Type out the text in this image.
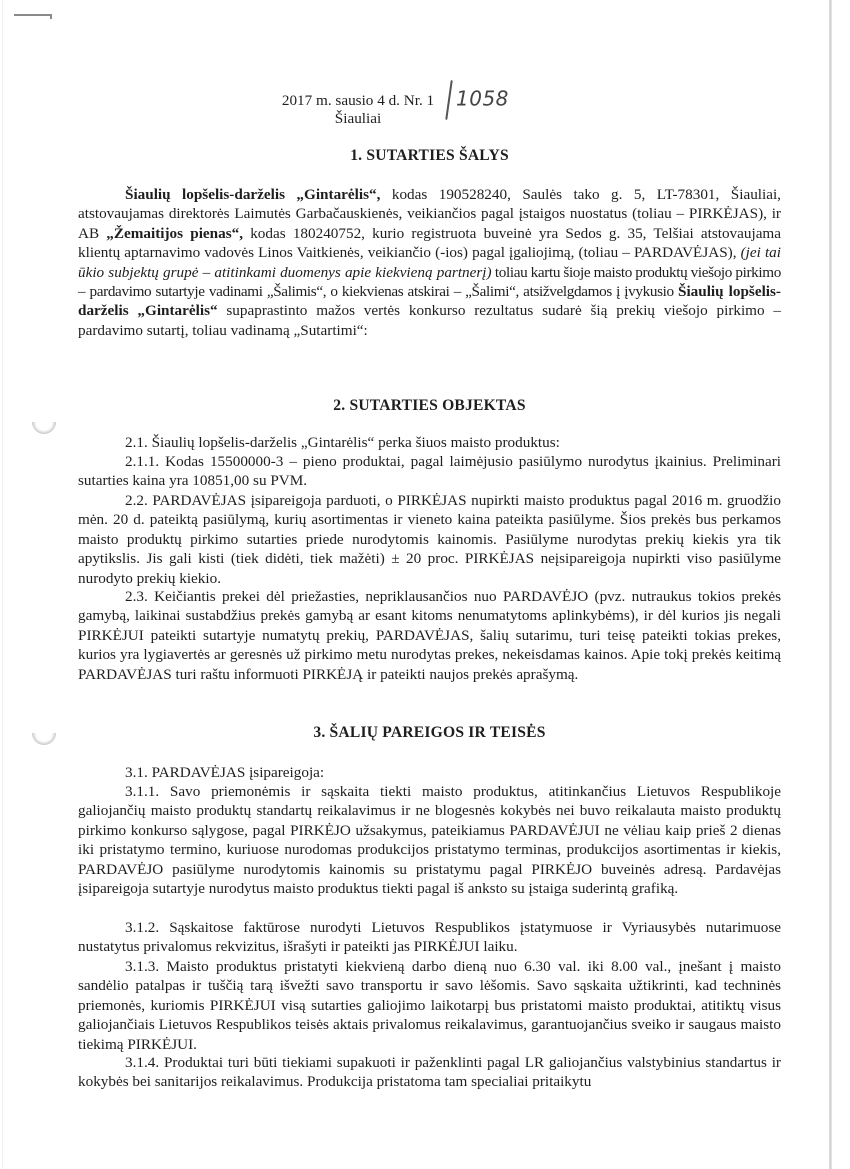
2017 m. sausio 4 d. Nr. 1
Šiauliai
1058
1. SUTARTIES ŠALYS

Šiaulių lopšelis-darželis „Gintarėlis“, kodas 190528240, Saulės tako g. 5, LT-78301, Šiauliai, atstovaujamas direktorės Laimutės Garbačauskienės, veikiančios pagal įstaigos nuostatus (toliau – PIRKĖJAS), ir AB „Žemaitijos pienas“, kodas 180240752, kurio registruota buveinė yra Sedos g. 35, Telšiai atstovaujama klientų aptarnavimo vadovės Linos Vaitkienės, veikiančio (-ios) pagal įgaliojimą, (toliau – PARDAVĖJAS), (jei tai ūkio subjektų grupė – atitinkami duomenys apie kiekvieną partnerį) toliau kartu šioje maisto produktų viešojo pirkimo – pardavimo sutartyje vadinami „Šalimis“, o kiekvienas atskirai – „Šalimi“, atsižvelgdamos į įvykusio Šiaulių lopšelis-darželis „Gintarėlis“ supaprastinto mažos vertės konkurso rezultatus sudarė šią prekių viešojo pirkimo – pardavimo sutartį, toliau vadinamą „Sutartimi“:

2. SUTARTIES OBJEKTAS

2.1. Šiaulių lopšelis-darželis „Gintarėlis“ perka šiuos maisto produktus:

2.1.1. Kodas 15500000-3 – pieno produktai, pagal laimėjusio pasiūlymo nurodytus įkainius. Preliminari sutarties kaina yra 10851,00 su PVM.

2.2. PARDAVĖJAS įsipareigoja parduoti, o PIRKĖJAS nupirkti maisto produktus pagal 2016 m. gruodžio mėn. 20 d. pateiktą pasiūlymą, kurių asortimentas ir vieneto kaina pateikta pasiūlyme. Šios prekės bus perkamos maisto produktų pirkimo sutarties priede nurodytomis kainomis. Pasiūlyme nurodytas prekių kiekis yra tik apytikslis. Jis gali kisti (tiek didėti, tiek mažėti) ± 20 proc. PIRKĖJAS neįsipareigoja nupirkti viso pasiūlyme nurodyto prekių kiekio.

2.3. Keičiantis prekei dėl priežasties, nepriklausančios nuo PARDAVĖJO (pvz. nutraukus tokios prekės gamybą, laikinai sustabdžius prekės gamybą ar esant kitoms nenumatytoms aplinkybėms), ir dėl kurios jis negali PIRKĖJUI pateikti sutartyje numatytų prekių, PARDAVĖJAS, šalių sutarimu, turi teisę pateikti tokias prekes, kurios yra lygiavertės ar geresnės už pirkimo metu nurodytas prekes, nekeisdamas kainos. Apie tokį prekės keitimą PARDAVĖJAS turi raštu informuoti PIRKĖJĄ ir pateikti naujos prekės aprašymą.

3. ŠALIŲ PAREIGOS IR TEISĖS

3.1. PARDAVĖJAS įsipareigoja:

3.1.1. Savo priemonėmis ir sąskaita tiekti maisto produktus, atitinkančius Lietuvos Respublikoje galiojančių maisto produktų standartų reikalavimus ir ne blogesnės kokybės nei buvo reikalauta maisto produktų pirkimo konkurso sąlygose, pagal PIRKĖJO užsakymus, pateikiamus PARDAVĖJUI ne vėliau kaip prieš 2 dienas iki pristatymo termino, kuriuose nurodomas produkcijos pristatymo terminas, produkcijos asortimentas ir kiekis, PARDAVĖJO pasiūlyme nurodytomis kainomis su pristatymu pagal PIRKĖJO buveinės adresą. Pardavėjas įsipareigoja sutartyje nurodytus maisto produktus tiekti pagal iš anksto su įstaiga suderintą grafiką.

3.1.2. Sąskaitose faktūrose nurodyti Lietuvos Respublikos įstatymuose ir Vyriausybės nutarimuose nustatytus privalomus rekvizitus, išrašyti ir pateikti jas PIRKĖJUI laiku.

3.1.3. Maisto produktus pristatyti kiekvieną darbo dieną nuo 6.30 val. iki 8.00 val., įnešant į maisto sandėlio patalpas ir tuščią tarą išvežti savo transportu ir savo lėšomis. Savo sąskaita užtikrinti, kad techninės priemonės, kuriomis PIRKĖJUI visą sutarties galiojimo laikotarpį bus pristatomi maisto produktai, atitiktų visus galiojančiais Lietuvos Respublikos teisės aktais privalomus reikalavimus, garantuojančius sveiko ir saugaus maisto tiekimą PIRKĖJUI.

3.1.4. Produktai turi būti tiekiami supakuoti ir paženklinti pagal LR galiojančius valstybinius standartus ir kokybės bei sanitarijos reikalavimus. Produkcija pristatoma tam specialiai pritaikytu
